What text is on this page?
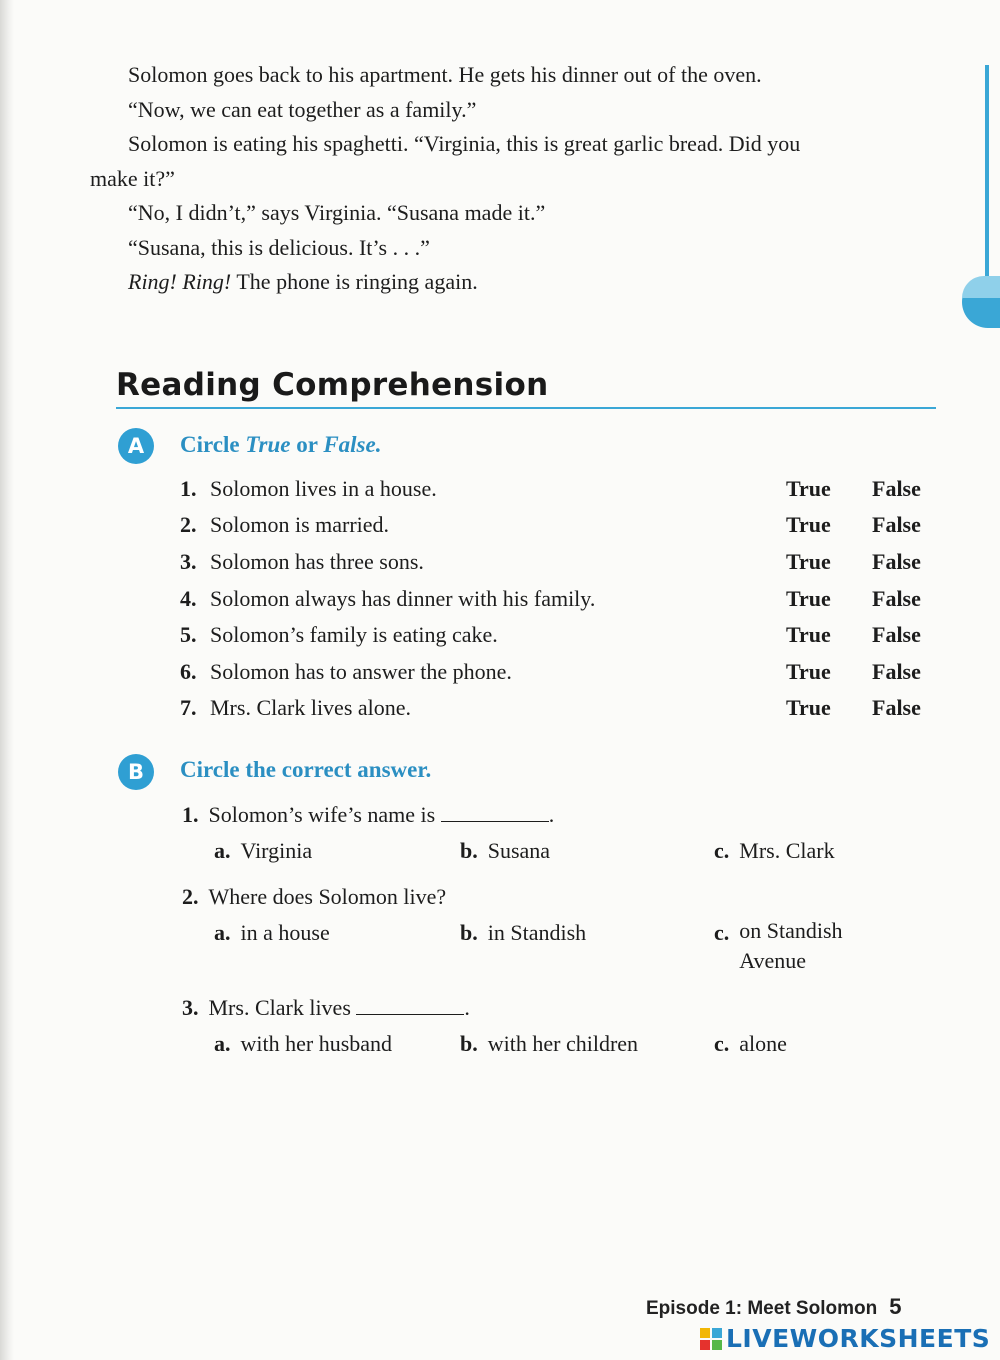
Solomon goes back to his apartment. He gets his dinner out of the oven.

“Now, we can eat together as a family.”

Solomon is eating his spaghetti. “Virginia, this is great garlic bread. Did you

make it?”

“No, I didn’t,” says Virginia. “Susana made it.”

“Susana, this is delicious. It’s . . .”

Ring! Ring! The phone is ringing again.

Reading Comprehension
A	Circle True or False.
1. Solomon lives in a house.	True False
2. Solomon is married.	True False
3. Solomon has three sons.	True False
4. Solomon always has dinner with his family.	True False
5. Solomon’s family is eating cake.	True False
6. Solomon has to answer the phone.	True False
7. Mrs. Clark lives alone.	True False
B	Circle the correct answer.
1. Solomon’s wife’s name is	.
a. Virginia	b. Susana	c. Mrs. Clark
2. Where does Solomon live?
a. in a house	b. in Standish	c. on Standish Avenue
3. Mrs. Clark lives	.
a. with her husband	b. with her children	c. alone
Episode 1: Meet Solomon 5
LIVEWORKSHEETS
